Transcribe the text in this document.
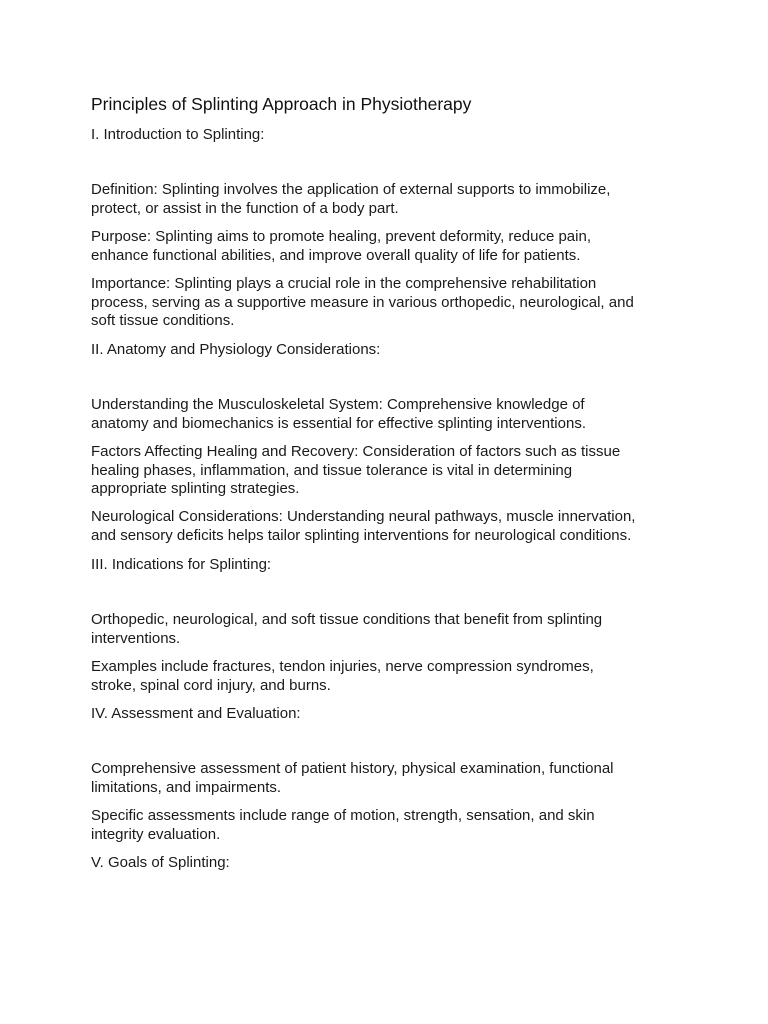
Principles of Splinting Approach in Physiotherapy
I. Introduction to Splinting:

Definition: Splinting involves the application of external supports to immobilize,
protect, or assist in the function of a body part.

Purpose: Splinting aims to promote healing, prevent deformity, reduce pain,
enhance functional abilities, and improve overall quality of life for patients.

Importance: Splinting plays a crucial role in the comprehensive rehabilitation
process, serving as a supportive measure in various orthopedic, neurological, and
soft tissue conditions.

II. Anatomy and Physiology Considerations:

Understanding the Musculoskeletal System: Comprehensive knowledge of
anatomy and biomechanics is essential for effective splinting interventions.

Factors Affecting Healing and Recovery: Consideration of factors such as tissue
healing phases, inflammation, and tissue tolerance is vital in determining
appropriate splinting strategies.

Neurological Considerations: Understanding neural pathways, muscle innervation,
and sensory deficits helps tailor splinting interventions for neurological conditions.

III. Indications for Splinting:

Orthopedic, neurological, and soft tissue conditions that benefit from splinting
interventions.

Examples include fractures, tendon injuries, nerve compression syndromes,
stroke, spinal cord injury, and burns.

IV. Assessment and Evaluation:

Comprehensive assessment of patient history, physical examination, functional
limitations, and impairments.

Specific assessments include range of motion, strength, sensation, and skin
integrity evaluation.

V. Goals of Splinting:
